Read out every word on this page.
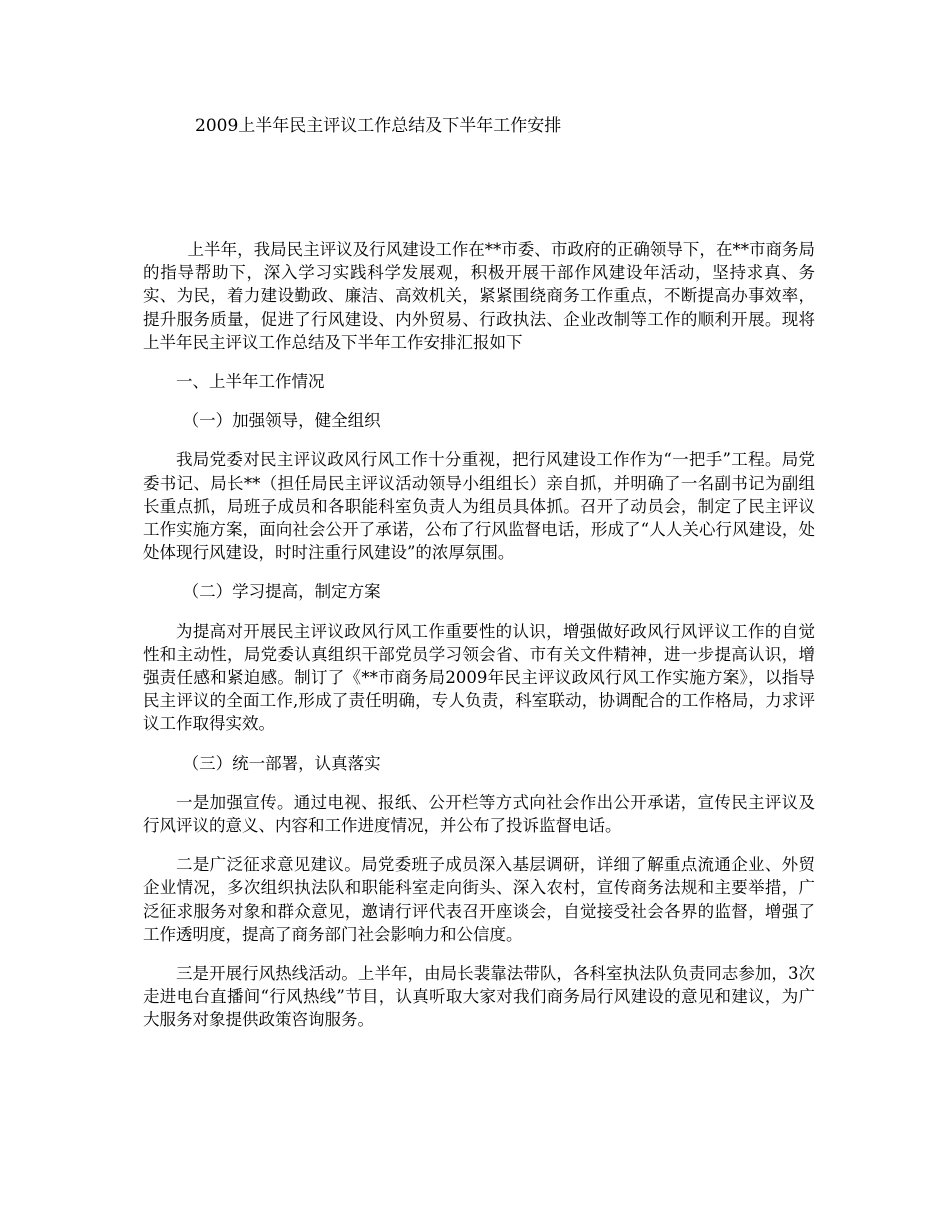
2009上半年民主评议工作总结及下半年工作安排

上半年，我局民主评议及行风建设工作在**市委、市政府的正确领导下，在**市商务局的指导帮助下，深入学习实践科学发展观，积极开展干部作风建设年活动，坚持求真、务实、为民，着力建设勤政、廉洁、高效机关，紧紧围绕商务工作重点，不断提高办事效率，提升服务质量，促进了行风建设、内外贸易、行政执法、企业改制等工作的顺利开展。现将上半年民主评议工作总结及下半年工作安排汇报如下

一、上半年工作情况

（一）加强领导，健全组织

我局党委对民主评议政风行风工作十分重视，把行风建设工作作为“一把手”工程。局党委书记、局长**（担任局民主评议活动领导小组组长）亲自抓，并明确了一名副书记为副组长重点抓，局班子成员和各职能科室负责人为组员具体抓。召开了动员会，制定了民主评议工作实施方案，面向社会公开了承诺，公布了行风监督电话，形成了“人人关心行风建设，处处体现行风建设，时时注重行风建设”的浓厚氛围。

（二）学习提高，制定方案

为提高对开展民主评议政风行风工作重要性的认识，增强做好政风行风评议工作的自觉性和主动性，局党委认真组织干部党员学习领会省、市有关文件精神，进一步提高认识，增强责任感和紧迫感。制订了《**市商务局2009年民主评议政风行风工作实施方案》，以指导民主评议的全面工作,形成了责任明确，专人负责，科室联动，协调配合的工作格局，力求评议工作取得实效。

（三）统一部署，认真落实

一是加强宣传。通过电视、报纸、公开栏等方式向社会作出公开承诺，宣传民主评议及行风评议的意义、内容和工作进度情况，并公布了投诉监督电话。

二是广泛征求意见建议。局党委班子成员深入基层调研，详细了解重点流通企业、外贸企业情况，多次组织执法队和职能科室走向街头、深入农村，宣传商务法规和主要举措，广泛征求服务对象和群众意见，邀请行评代表召开座谈会，自觉接受社会各界的监督，增强了工作透明度，提高了商务部门社会影响力和公信度。

三是开展行风热线活动。上半年，由局长裴靠法带队，各科室执法队负责同志参加，3次走进电台直播间“行风热线”节目，认真听取大家对我们商务局行风建设的意见和建议，为广大服务对象提供政策咨询服务。
